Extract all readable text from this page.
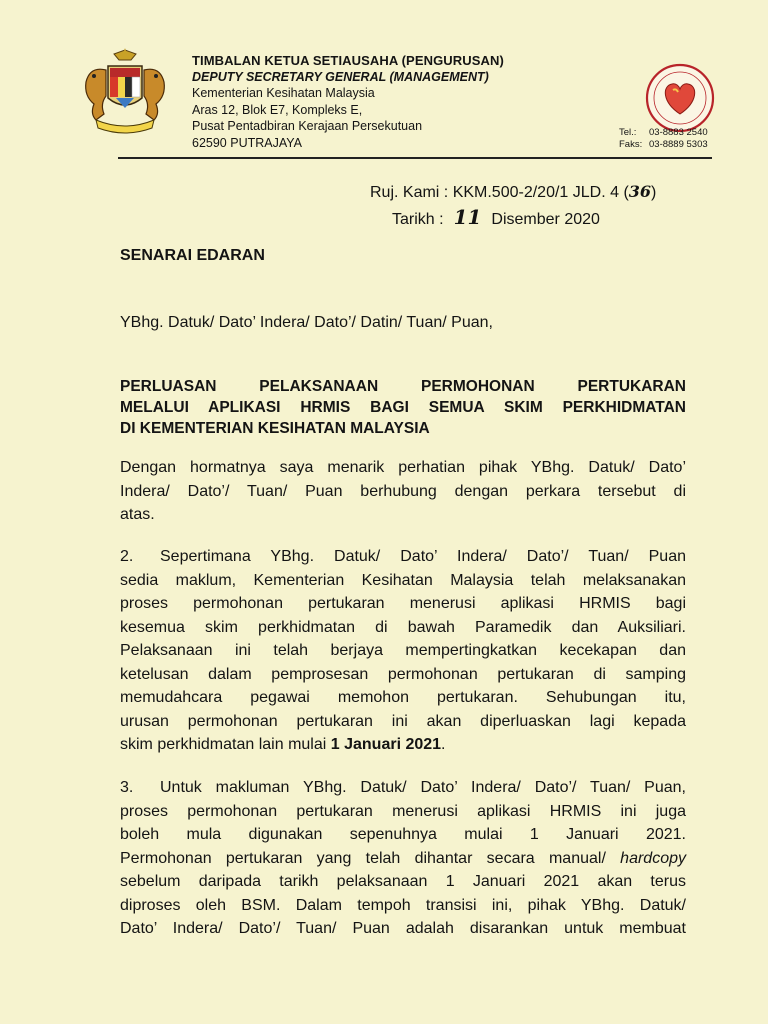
TIMBALAN KETUA SETIAUSAHA (PENGURUSAN)
DEPUTY SECRETARY GENERAL (MANAGEMENT)
Kementerian Kesihatan Malaysia
Aras 12, Blok E7, Kompleks E,
Pusat Pentadbiran Kerajaan Persekutuan
62590 PUTRAJAYA
Tel.: 03-8883 2540
Faks: 03-8889 5303
Ruj. Kami : KKM.500-2/20/1 JLD. 4 (36)
Tarikh : 11 Disember 2020
SENARAI EDARAN
YBhg. Datuk/ Dato’ Indera/ Dato’/ Datin/ Tuan/ Puan,
PERLUASAN PELAKSANAAN PERMOHONAN PERTUKARAN
MELALUI APLIKASI HRMIS BAGI SEMUA SKIM PERKHIDMATAN
DI KEMENTERIAN KESIHATAN MALAYSIA
Dengan hormatnya saya menarik perhatian pihak YBhg. Datuk/ Dato’
Indera/ Dato’/ Tuan/ Puan berhubung dengan perkara tersebut di
atas.
2. Sepertimana YBhg. Datuk/ Dato’ Indera/ Dato’/ Tuan/ Puan
sedia maklum, Kementerian Kesihatan Malaysia telah melaksanakan
proses permohonan pertukaran menerusi aplikasi HRMIS bagi
kesemua skim perkhidmatan di bawah Paramedik dan Auksiliari.
Pelaksanaan ini telah berjaya mempertingkatkan kecekapan dan
ketelusan dalam pemprosesan permohonan pertukaran di samping
memudahcara pegawai memohon pertukaran. Sehubungan itu,
urusan permohonan pertukaran ini akan diperluaskan lagi kepada
skim perkhidmatan lain mulai 1 Januari 2021.
3. Untuk makluman YBhg. Datuk/ Dato’ Indera/ Dato’/ Tuan/ Puan,
proses permohonan pertukaran menerusi aplikasi HRMIS ini juga
boleh mula digunakan sepenuhnya mulai 1 Januari 2021.
Permohonan pertukaran yang telah dihantar secara manual/ hardcopy
sebelum daripada tarikh pelaksanaan 1 Januari 2021 akan terus
diproses oleh BSM. Dalam tempoh transisi ini, pihak YBhg. Datuk/
Dato’ Indera/ Dato’/ Tuan/ Puan adalah disarankan untuk membuat
